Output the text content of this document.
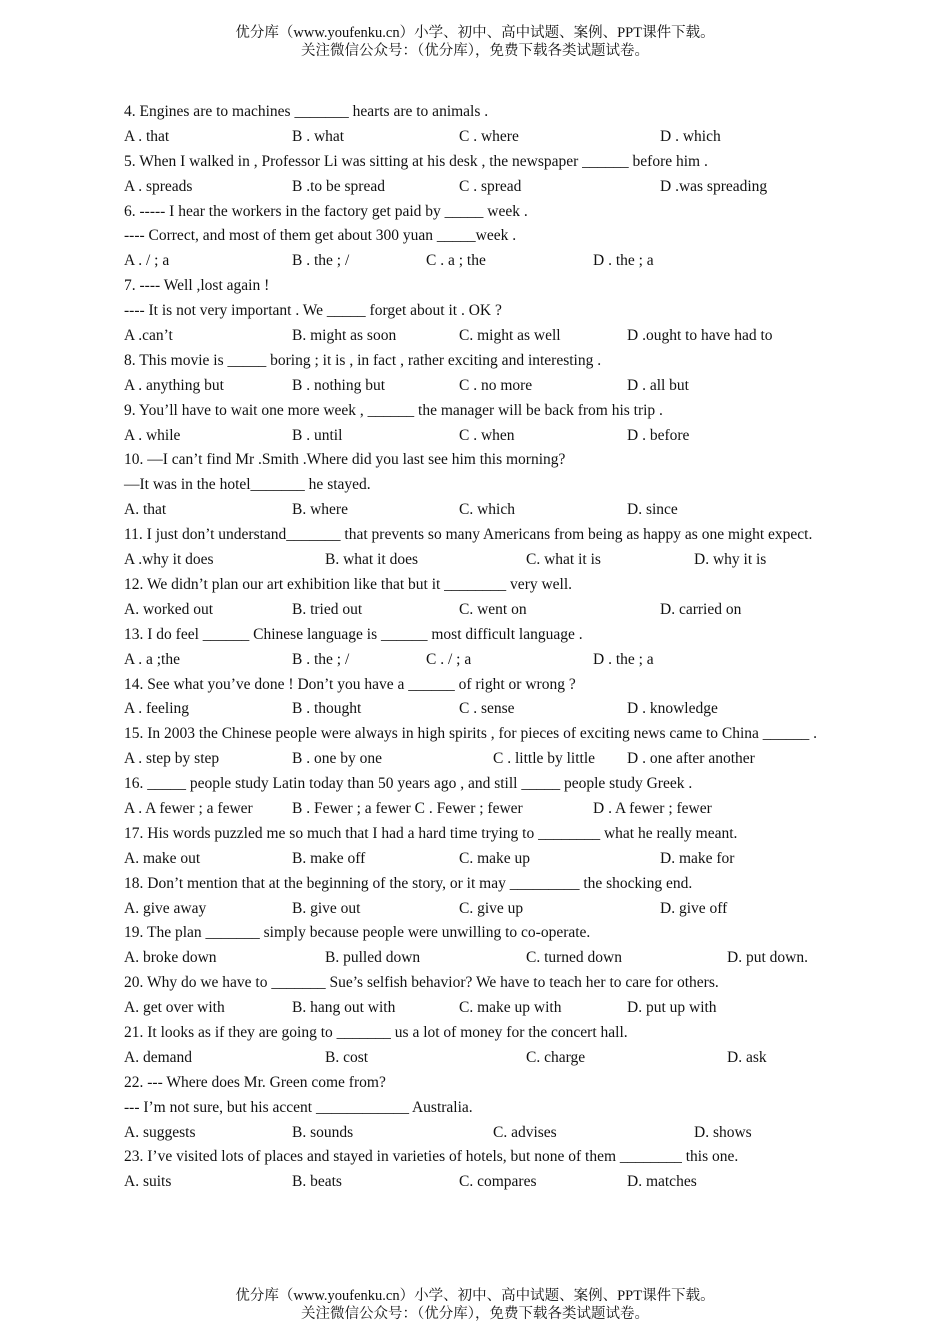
优分库（www.youfenku.cn）小学、初中、高中试题、案例、PPT课件下载。
关注微信公众号：（优分库），免费下载各类试题试卷。
4. Engines are to machines _______ hearts are to animals .
A . that	B . what	C . where	D . which
5. When I walked in , Professor Li was sitting at his desk , the newspaper ______ before him .
A . spreads	B .to be spread	C . spread	D .was spreading
6. ----- I hear the workers in the factory get paid by _____ week .
---- Correct, and most of them get about 300 yuan _____week .
A . / ; a	B . the ; /	C . a ; the	D . the ; a
7. ---- Well ,lost again !
---- It is not very important . We _____ forget about it . OK ?
A .can’t	B. might as soon	C. might as well	D .ought to have had to
8. This movie is _____ boring ; it is , in fact , rather exciting and interesting .
A . anything but	B . nothing but	C . no more	D . all but
9. You’ll have to wait one more week , ______ the manager will be back from his trip .
A . while	B . until	C . when	D . before
10. —I can’t find Mr .Smith .Where did you last see him this morning?
—It was in the hotel_______ he stayed.
A. that	B. where	C. which	D. since
11. I just don’t understand_______ that prevents so many Americans from being as happy as one might expect.
A .why it does	B. what it does	C. what it is	D. why it is
12. We didn’t plan our art exhibition like that but it ________ very well.
A. worked out	B. tried out	C. went on	D. carried on
13. I do feel ______ Chinese language is ______ most difficult language .
A . a ;the	B . the ; /	C . / ; a	D . the ; a
14. See what you’ve done ! Don’t you have a ______ of right or wrong ?
A . feeling	B . thought	C . sense	D . knowledge
15. In 2003 the Chinese people were always in high spirits , for pieces of exciting news came to China ______ .
A . step by step	B . one by one	C . little by little D . one after another
16. _____ people study Latin today than 50 years ago , and still _____ people study Greek .
A . A fewer ; a fewer	B . Fewer ; a fewer C . Fewer ; fewer	D . A fewer ; fewer
17. His words puzzled me so much that I had a hard time trying to ________ what he really meant.
A. make out	B. make off	C. make up	D. make for
18. Don’t mention that at the beginning of the story, or it may _________ the shocking end.
A. give away	B. give out	C. give up	D. give off
19. The plan _______ simply because people were unwilling to co-operate.
A. broke down	B. pulled down	C. turned down	D. put down.
20. Why do we have to _______ Sue’s selfish behavior? We have to teach her to care for others.
A. get over with	B. hang out with	C. make up with	D. put up with
21. It looks as if they are going to _______ us a lot of money for the concert hall.
A. demand	B. cost	C. charge	D. ask
22. --- Where does Mr. Green come from?
--- I’m not sure, but his accent ____________ Australia.
A. suggests	B. sounds	C. advises	D. shows
23. I’ve visited lots of places and stayed in varieties of hotels, but none of them ________ this one.
A. suits	B. beats	C. compares	D. matches
优分库（www.youfenku.cn）小学、初中、高中试题、案例、PPT课件下载。
关注微信公众号：（优分库），免费下载各类试题试卷。
